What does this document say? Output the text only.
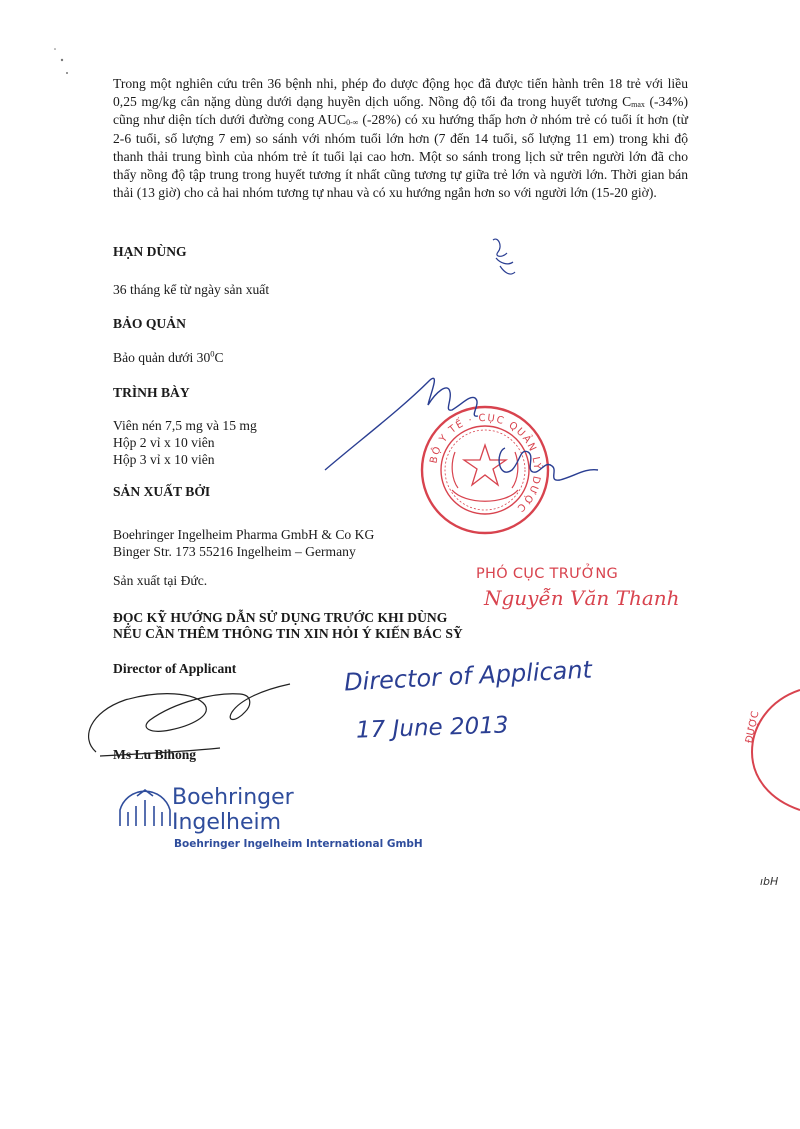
Trong một nghiên cứu trên 36 bệnh nhi, phép đo dược động học đã được tiến hành trên 18 trẻ với liều 0,25 mg/kg cân nặng dùng dưới dạng huyền dịch uống. Nồng độ tối đa trong huyết tương $C_{max}$ (-34%) cũng như diện tích dưới đường cong $AUC_{0-\infty}$ (-28%) có xu hướng thấp hơn ở nhóm trẻ có tuổi ít hơn (từ 2-6 tuổi, số lượng 7 em) so sánh với nhóm tuổi lớn hơn (7 đến 14 tuổi, số lượng 11 em) trong khi độ thanh thải trung bình của nhóm trẻ ít tuổi lại cao hơn. Một so sánh trong lịch sử trên người lớn đã cho thấy nồng độ tập trung trong huyết tương ít nhất cũng tương tự giữa trẻ lớn và người lớn. Thời gian bán thải (13 giờ) cho cả hai nhóm tương tự nhau và có xu hướng ngắn hơn so với người lớn (15-20 giờ).

HẠN DÙNG

36 tháng kể từ ngày sản xuất

BẢO QUẢN

Bảo quản dưới $30^0C$

TRÌNH BÀY

Viên nén 7,5 mg và 15 mg

Hộp 2 vỉ x 10 viên

Hộp 3 vỉ x 10 viên

SẢN XUẤT BỞI

Boehringer Ingelheim Pharma GmbH & Co KG

Binger Str. 173 55216 Ingelheim – Germany

Sản xuất tại Đức.

ĐỌC KỸ HƯỚNG DẪN SỬ DỤNG TRƯỚC KHI DÙNG

NẾU CẦN THÊM THÔNG TIN XIN HỎI Ý KIẾN BÁC SỸ

Director of Applicant

Ms Lu Bihong

Director of Applicant
17 June 2013
PHÓ CỤC TRƯỞNG
Nguyễn Văn Thanh
ĐƯỢC
ıbH
Boehringer
Ingelheim
Boehringer Ingelheim International GmbH
BỘ Y TẾ · CỤC QUẢN LÝ DƯỢC
